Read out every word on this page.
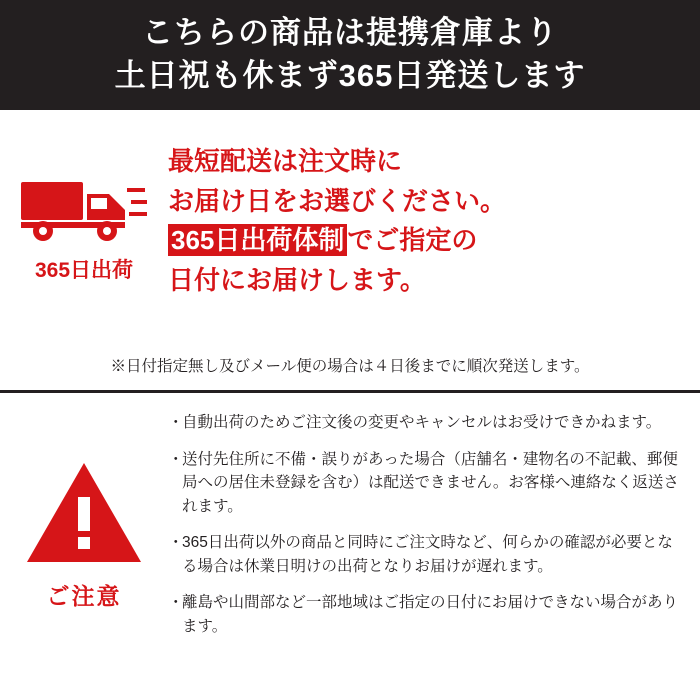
こちらの商品は提携倉庫より
土日祝も休まず365日発送します
365日出荷
最短配送は注文時に
お届け日をお選びください。
365日出荷体制 でご指定の
日付にお届けします。
※日付指定無し及びメール便の場合は４日後までに順次発送します。
ご注意
・
自動出荷のためご注文後の変更やキャンセルはお受けできかねます。
・
送付先住所に不備・誤りがあった場合（店舗名・建物名の不記載、郵便局への居住未登録を含む）は配送できません。お客様へ連絡なく返送されます。
・
365日出荷以外の商品と同時にご注文時など、何らかの確認が必要となる場合は休業日明けの出荷となりお届けが遅れます。
・
離島や山間部など一部地域はご指定の日付にお届けできない場合があります。
